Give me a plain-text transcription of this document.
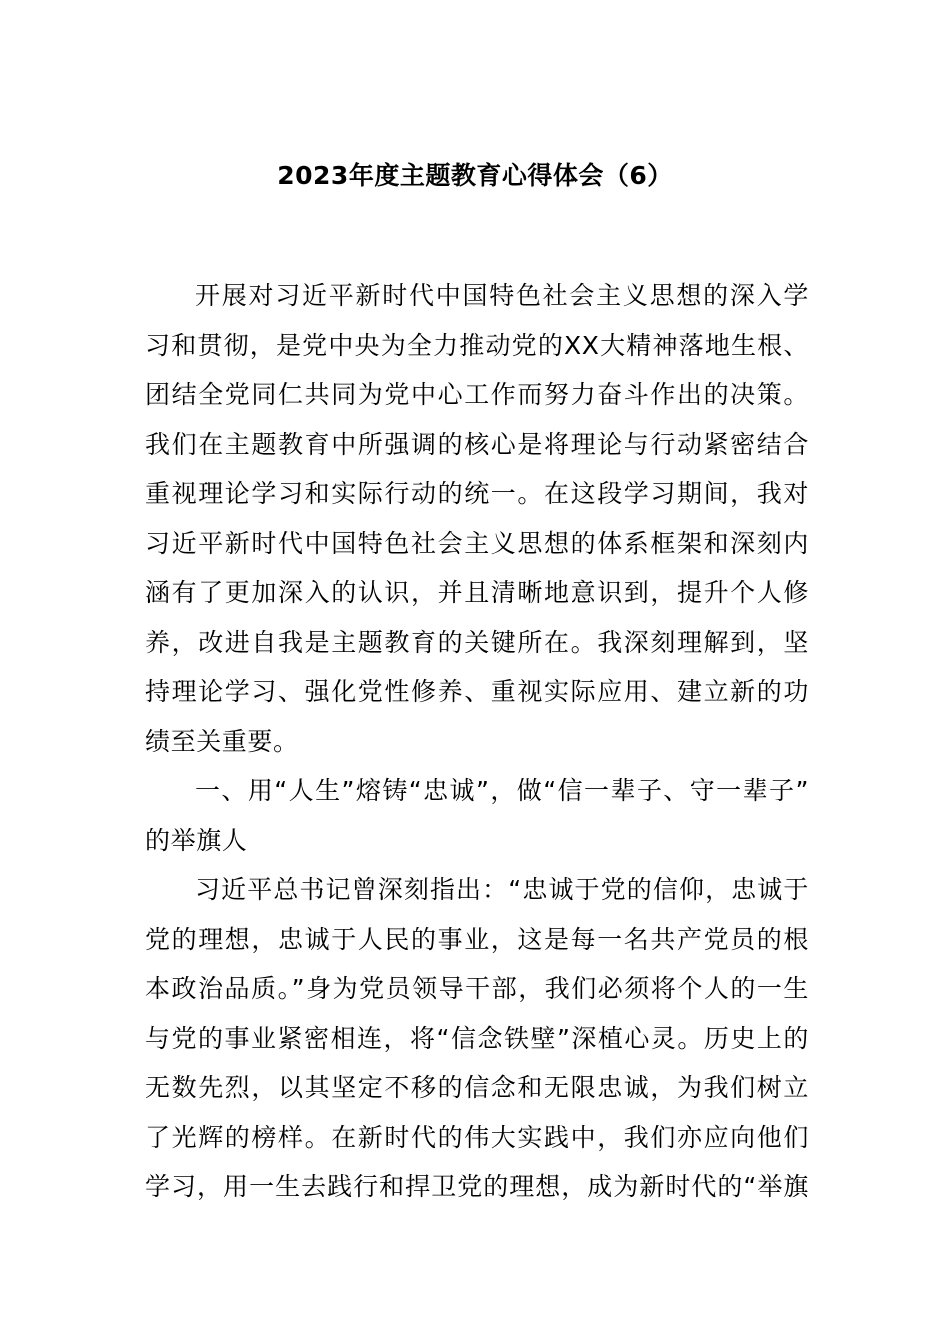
2023年度主题教育心得体会（6）
开展对习近平新时代中国特色社会主义思想的深入学
习和贯彻，是党中央为全力推动党的XX大精神落地生根、
团结全党同仁共同为党中心工作而努力奋斗作出的决策。
我们在主题教育中所强调的核心是将理论与行动紧密结合
重视理论学习和实际行动的统一。在这段学习期间，我对
习近平新时代中国特色社会主义思想的体系框架和深刻内
涵有了更加深入的认识，并且清晰地意识到，提升个人修
养，改进自我是主题教育的关键所在。我深刻理解到，坚
持理论学习、强化党性修养、重视实际应用、建立新的功
绩至关重要。
一、用“人生”熔铸“忠诚”，做“信一辈子、守一辈子”
的举旗人
习近平总书记曾深刻指出：“忠诚于党的信仰，忠诚于
党的理想，忠诚于人民的事业，这是每一名共产党员的根
本政治品质。”身为党员领导干部，我们必须将个人的一生
与党的事业紧密相连，将“信念铁壁”深植心灵。历史上的
无数先烈，以其坚定不移的信念和无限忠诚，为我们树立
了光辉的榜样。在新时代的伟大实践中，我们亦应向他们
学习，用一生去践行和捍卫党的理想，成为新时代的“举旗
